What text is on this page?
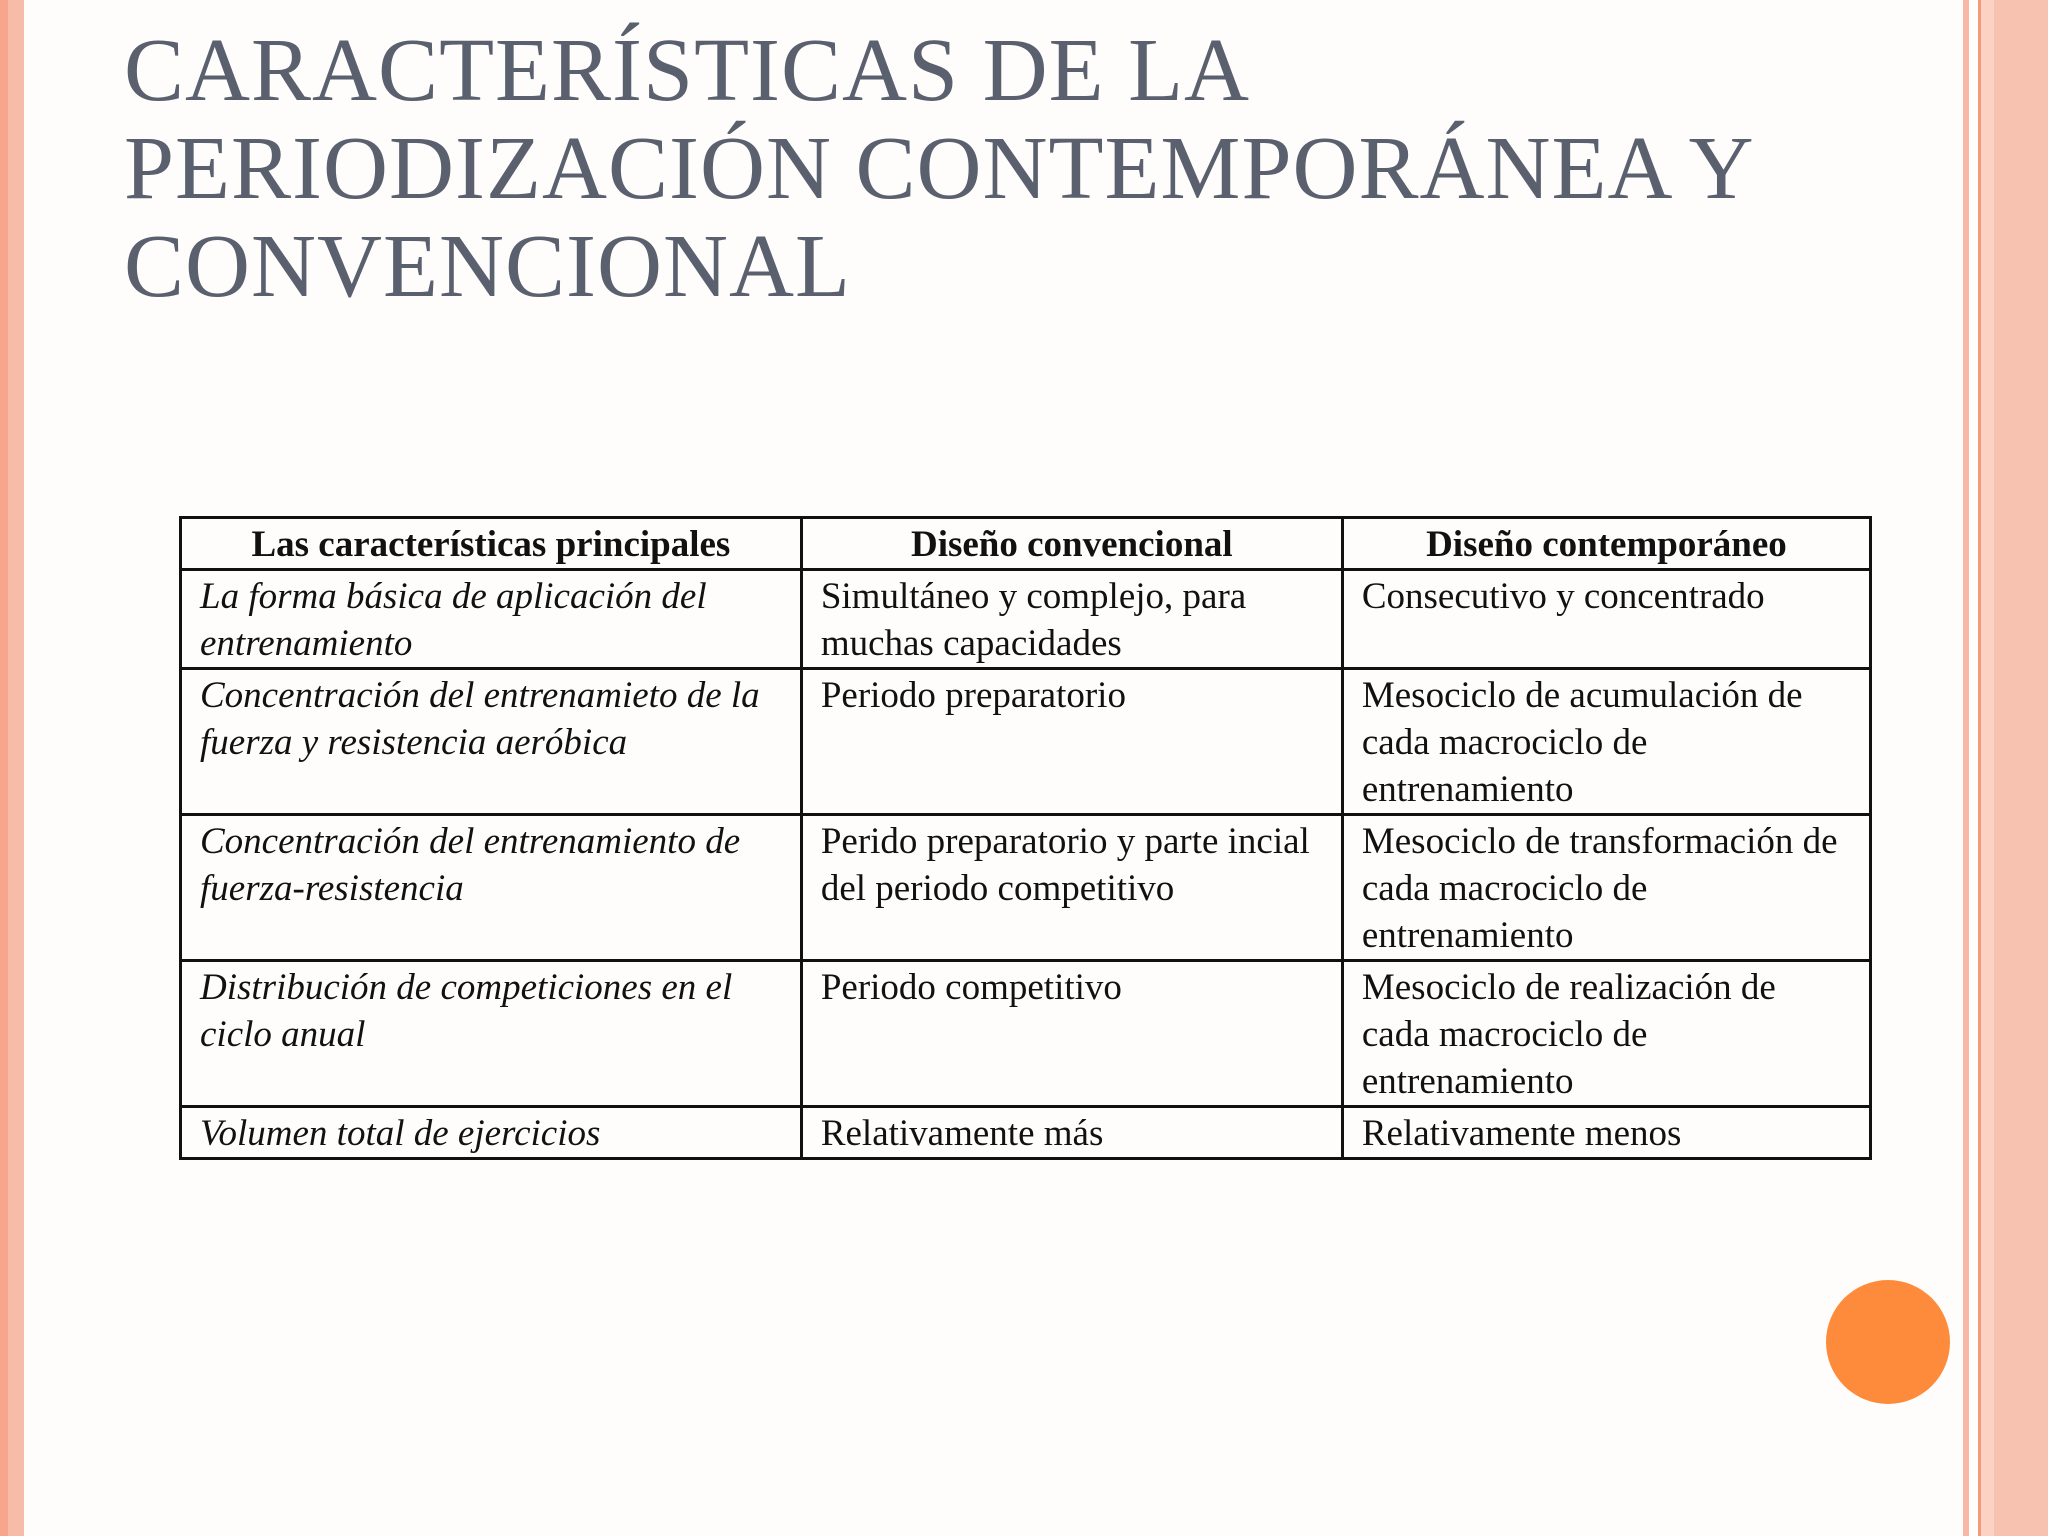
CARACTERÍSTICAS DE LA PERIODIZACIÓN CONTEMPORÁNEA Y CONVENCIONAL
Las características principales	Diseño convencional	Diseño contemporáneo
La forma básica de aplicación del entrenamiento	Simultáneo y complejo, para muchas capacidades	Consecutivo y concentrado
Concentración del entrenamieto de la fuerza y resistencia aeróbica	Periodo preparatorio	Mesociclo de acumulación de cada macrociclo de entrenamiento
Concentración del entrenamiento de fuerza-resistencia	Perido preparatorio y parte incial del periodo competitivo	Mesociclo de transformación de cada macrociclo de entrenamiento
Distribución de competiciones en el ciclo anual	Periodo competitivo	Mesociclo de realización de cada macrociclo de entrenamiento
Volumen total de ejercicios	Relativamente más	Relativamente menos
